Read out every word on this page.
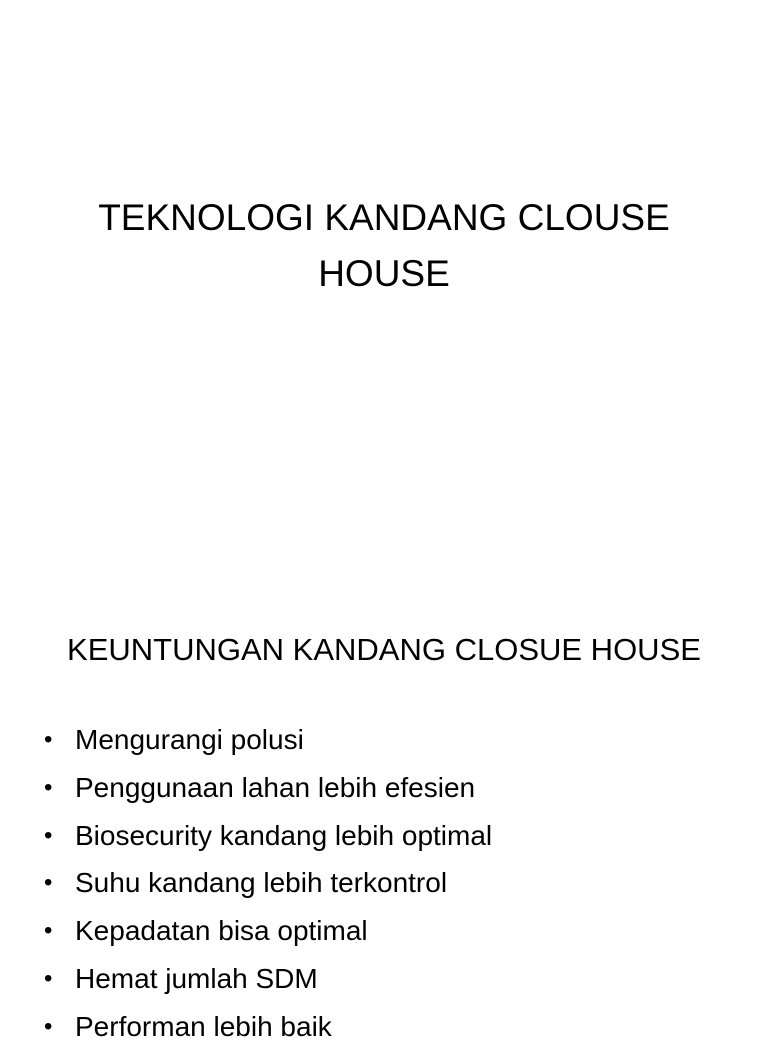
TEKNOLOGI KANDANG CLOUSE
HOUSE
KEUNTUNGAN KANDANG CLOSUE HOUSE
• Mengurangi polusi
• Penggunaan lahan lebih efesien
• Biosecurity kandang lebih optimal
• Suhu kandang lebih terkontrol
• Kepadatan bisa optimal
• Hemat jumlah SDM
• Performan lebih baik
